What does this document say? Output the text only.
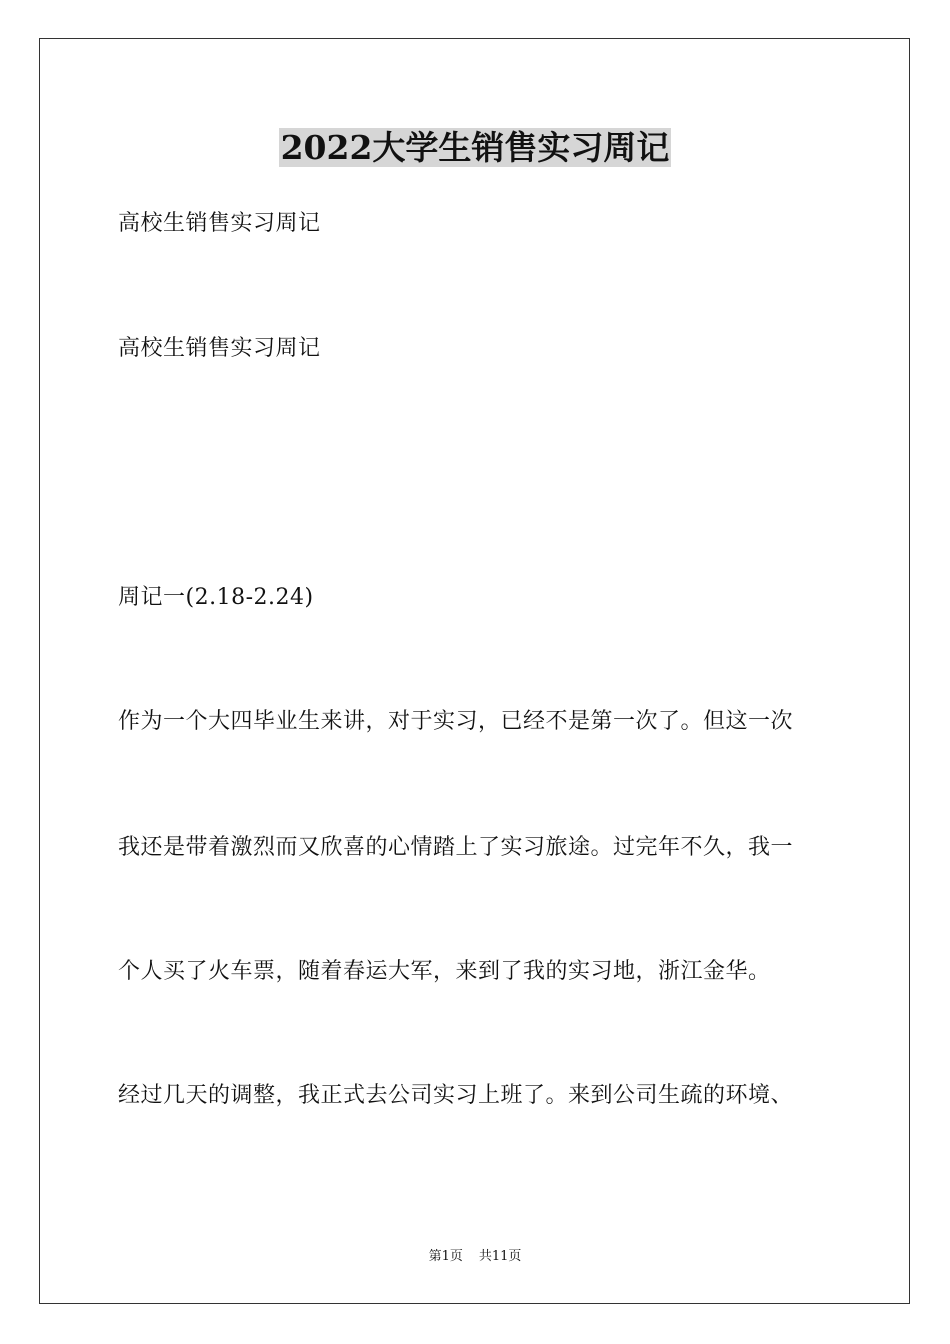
2022大学生销售实习周记
高校生销售实习周记
高校生销售实习周记
周记一(2.18-2.24)
作为一个大四毕业生来讲，对于实习，已经不是第一次了。但这一次
我还是带着激烈而又欣喜的心情踏上了实习旅途。过完年不久，我一
个人买了火车票，随着春运大军，来到了我的实习地，浙江金华。
经过几天的调整，我正式去公司实习上班了。来到公司生疏的环境、
第1页 共11页
